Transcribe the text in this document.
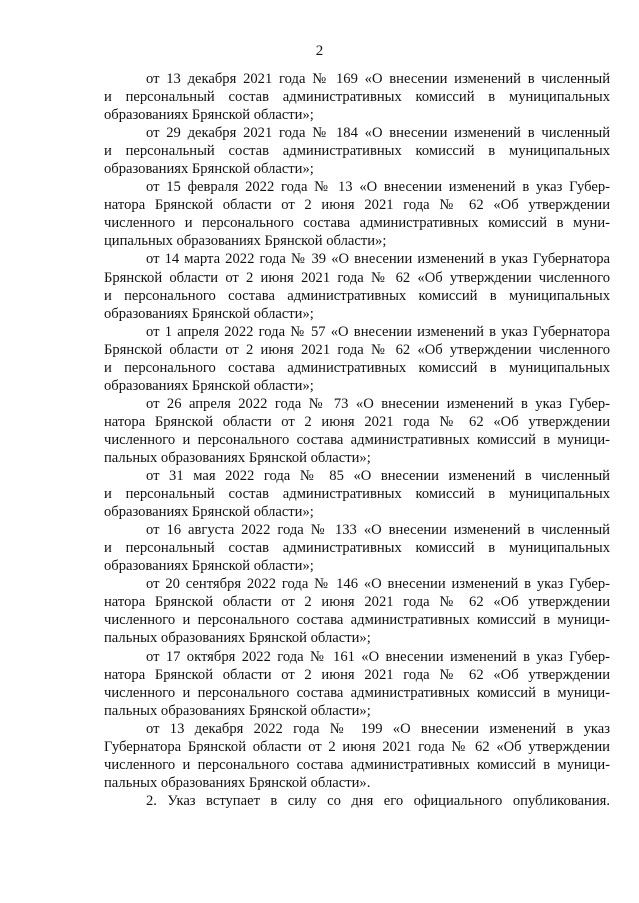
2
от 13 декабря 2021 года № 169 «О внесении изменений в численный
и персональный состав административных комиссий в муниципальных
образованиях Брянской области»;
от 29 декабря 2021 года № 184 «О внесении изменений в численный
и персональный состав административных комиссий в муниципальных
образованиях Брянской области»;
от 15 февраля 2022 года № 13 «О внесении изменений в указ Губер-
натора Брянской области от 2 июня 2021 года № 62 «Об утверждении
численного и персонального состава административных комиссий в муни-
ципальных образованиях Брянской области»;
от 14 марта 2022 года № 39 «О внесении изменений в указ Губернатора
Брянской области от 2 июня 2021 года № 62 «Об утверждении численного
и персонального состава административных комиссий в муниципальных
образованиях Брянской области»;
от 1 апреля 2022 года № 57 «О внесении изменений в указ Губернатора
Брянской области от 2 июня 2021 года № 62 «Об утверждении численного
и персонального состава административных комиссий в муниципальных
образованиях Брянской области»;
от 26 апреля 2022 года № 73 «О внесении изменений в указ Губер-
натора Брянской области от 2 июня 2021 года № 62 «Об утверждении
численного и персонального состава административных комиссий в муници-
пальных образованиях Брянской области»;
от 31 мая 2022 года № 85 «О внесении изменений в численный
и персональный состав административных комиссий в муниципальных
образованиях Брянской области»;
от 16 августа 2022 года № 133 «О внесении изменений в численный
и персональный состав административных комиссий в муниципальных
образованиях Брянской области»;
от 20 сентября 2022 года № 146 «О внесении изменений в указ Губер-
натора Брянской области от 2 июня 2021 года № 62 «Об утверждении
численного и персонального состава административных комиссий в муници-
пальных образованиях Брянской области»;
от 17 октября 2022 года № 161 «О внесении изменений в указ Губер-
натора Брянской области от 2 июня 2021 года № 62 «Об утверждении
численного и персонального состава административных комиссий в муници-
пальных образованиях Брянской области»;
от 13 декабря 2022 года № 199 «О внесении изменений в указ
Губернатора Брянской области от 2 июня 2021 года № 62 «Об утверждении
численного и персонального состава административных комиссий в муници-
пальных образованиях Брянской области».
2. Указ вступает в силу со дня его официального опубликования.
